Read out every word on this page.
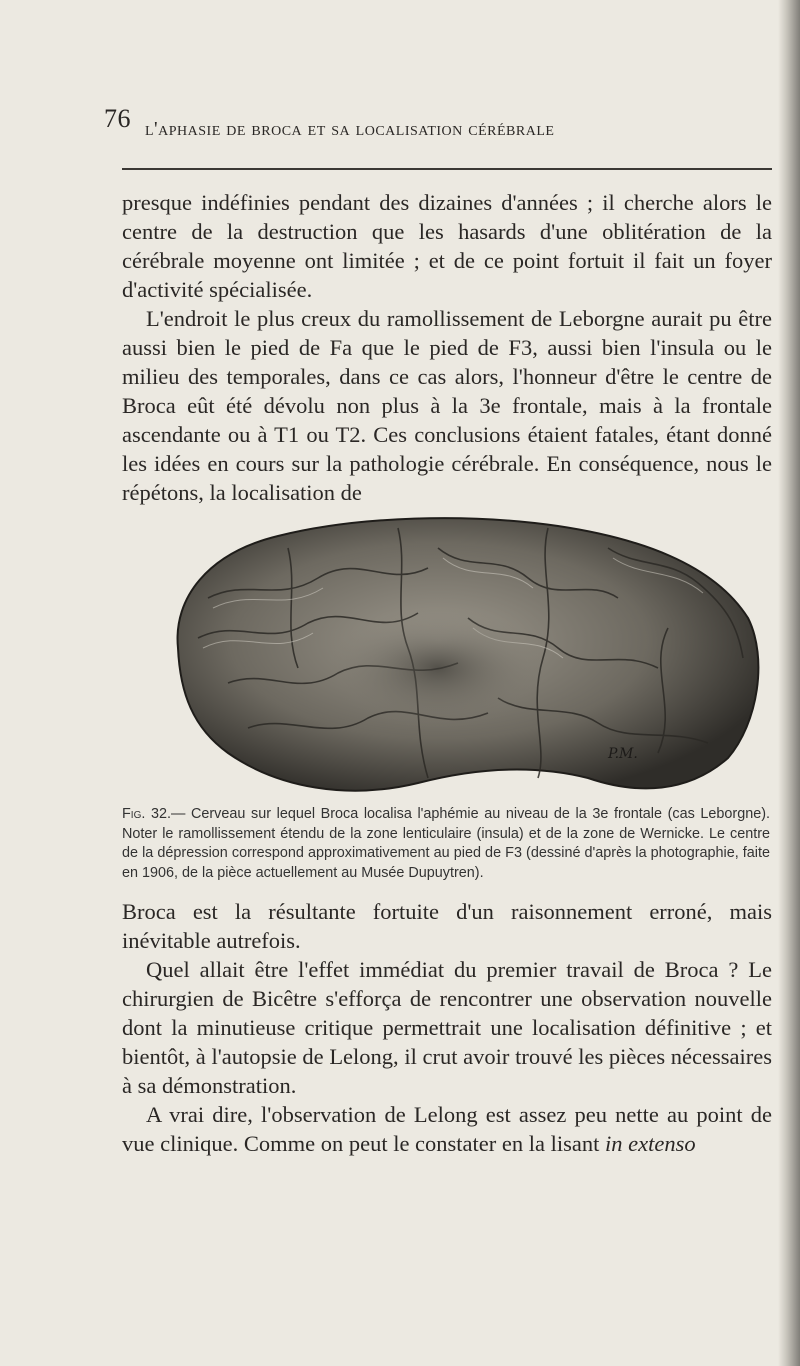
76 l'aphasie de broca et sa localisation cérébrale

presque indéfinies pendant des dizaines d'années ; il cherche alors le centre de la destruction que les hasards d'une oblitération de la cérébrale moyenne ont limitée ; et de ce point fortuit il fait un foyer d'activité spécialisée.

L'endroit le plus creux du ramollissement de Leborgne aurait pu être aussi bien le pied de Fa que le pied de F3, aussi bien l'insula ou le milieu des temporales, dans ce cas alors, l'honneur d'être le centre de Broca eût été dévolu non plus à la 3e frontale, mais à la frontale ascendante ou à T1 ou T2. Ces conclusions étaient fatales, étant donné les idées en cours sur la pathologie cérébrale. En conséquence, nous le répétons, la localisation de

P.M.
Fig. 32.— Cerveau sur lequel Broca localisa l'aphémie au niveau de la 3e frontale (cas Leborgne). Noter le ramollissement étendu de la zone lenticulaire (insula) et de la zone de Wernicke. Le centre de la dépression correspond approximativement au pied de F3 (dessiné d'après la photographie, faite en 1906, de la pièce actuellement au Musée Dupuytren).

Broca est la résultante fortuite d'un raisonnement erroné, mais inévitable autrefois.

Quel allait être l'effet immédiat du premier travail de Broca ? Le chirurgien de Bicêtre s'efforça de rencontrer une observation nouvelle dont la minutieuse critique permettrait une localisation définitive ; et bientôt, à l'autopsie de Lelong, il crut avoir trouvé les pièces nécessaires à sa démonstration.

A vrai dire, l'observation de Lelong est assez peu nette au point de vue clinique. Comme on peut le constater en la lisant in extenso
